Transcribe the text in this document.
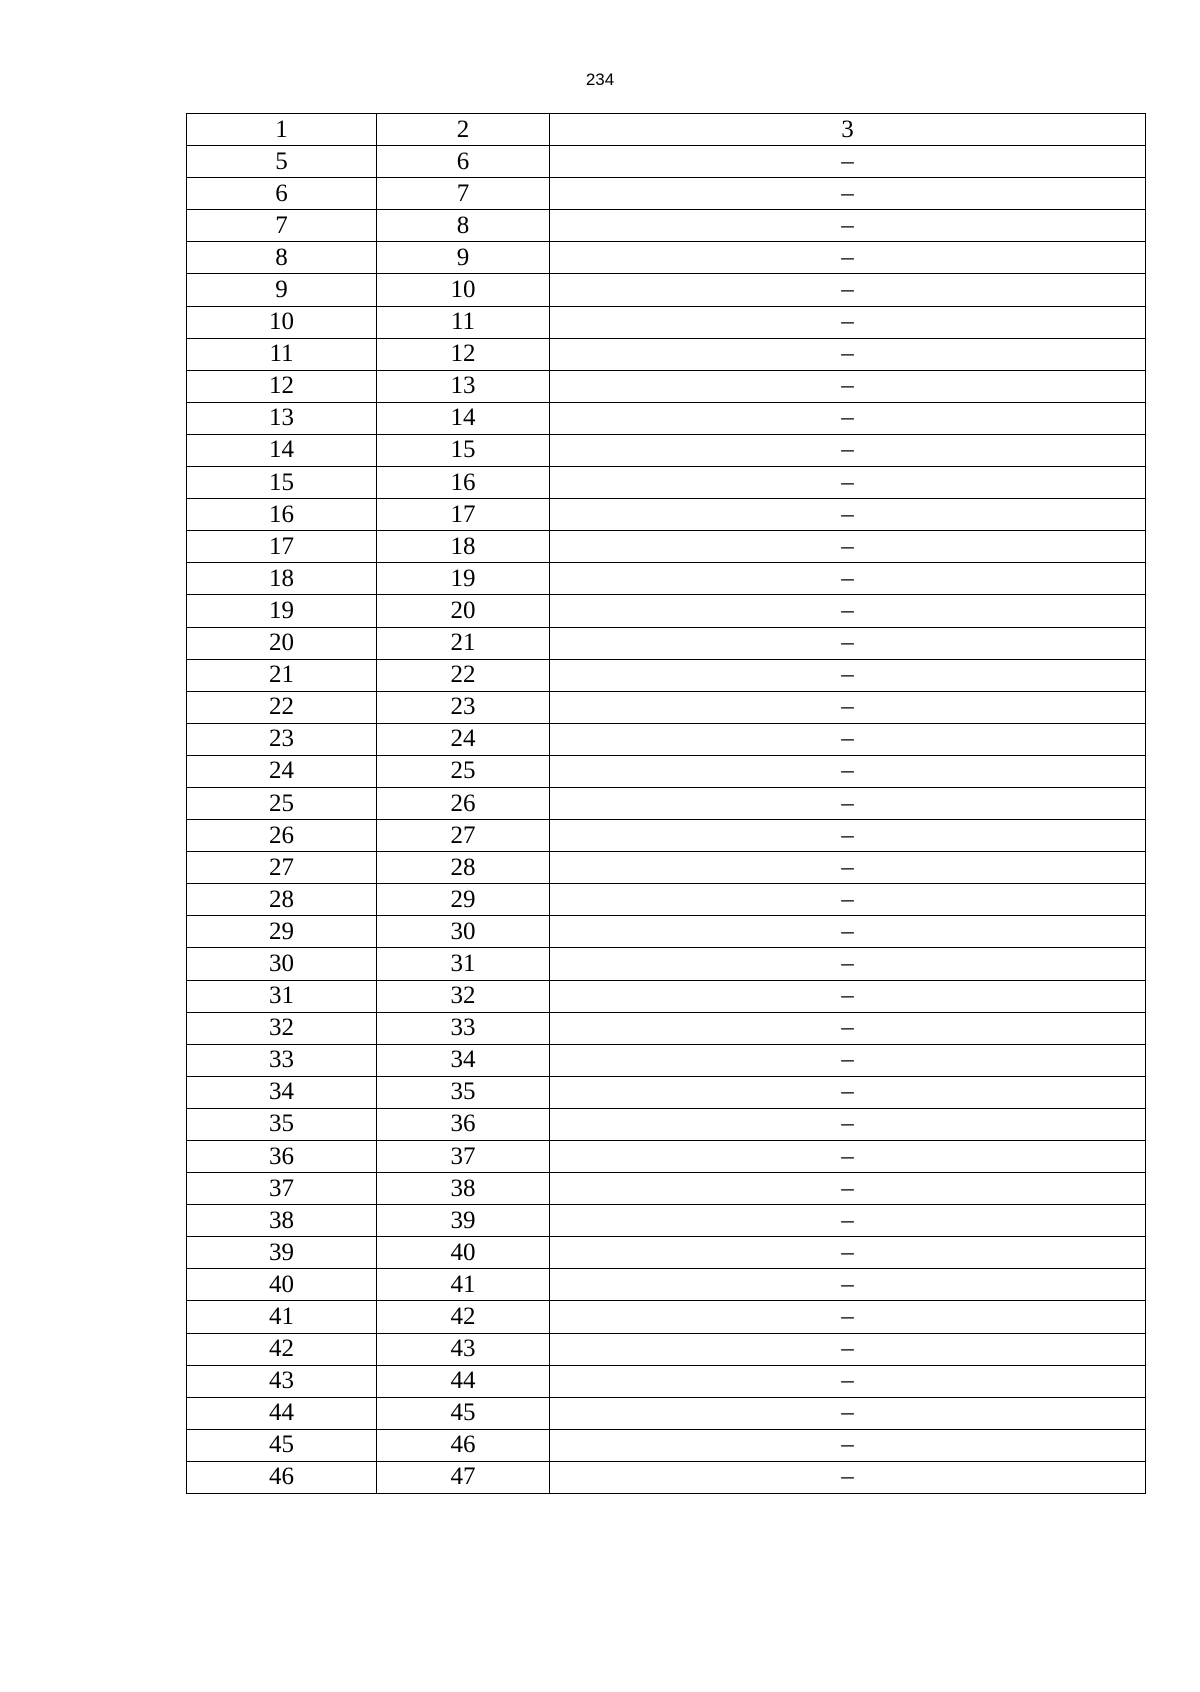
234
1	2	3
5	6	–
6	7	–
7	8	–
8	9	–
9	10	–
10	11	–
11	12	–
12	13	–
13	14	–
14	15	–
15	16	–
16	17	–
17	18	–
18	19	–
19	20	–
20	21	–
21	22	–
22	23	–
23	24	–
24	25	–
25	26	–
26	27	–
27	28	–
28	29	–
29	30	–
30	31	–
31	32	–
32	33	–
33	34	–
34	35	–
35	36	–
36	37	–
37	38	–
38	39	–
39	40	–
40	41	–
41	42	–
42	43	–
43	44	–
44	45	–
45	46	–
46	47	–
